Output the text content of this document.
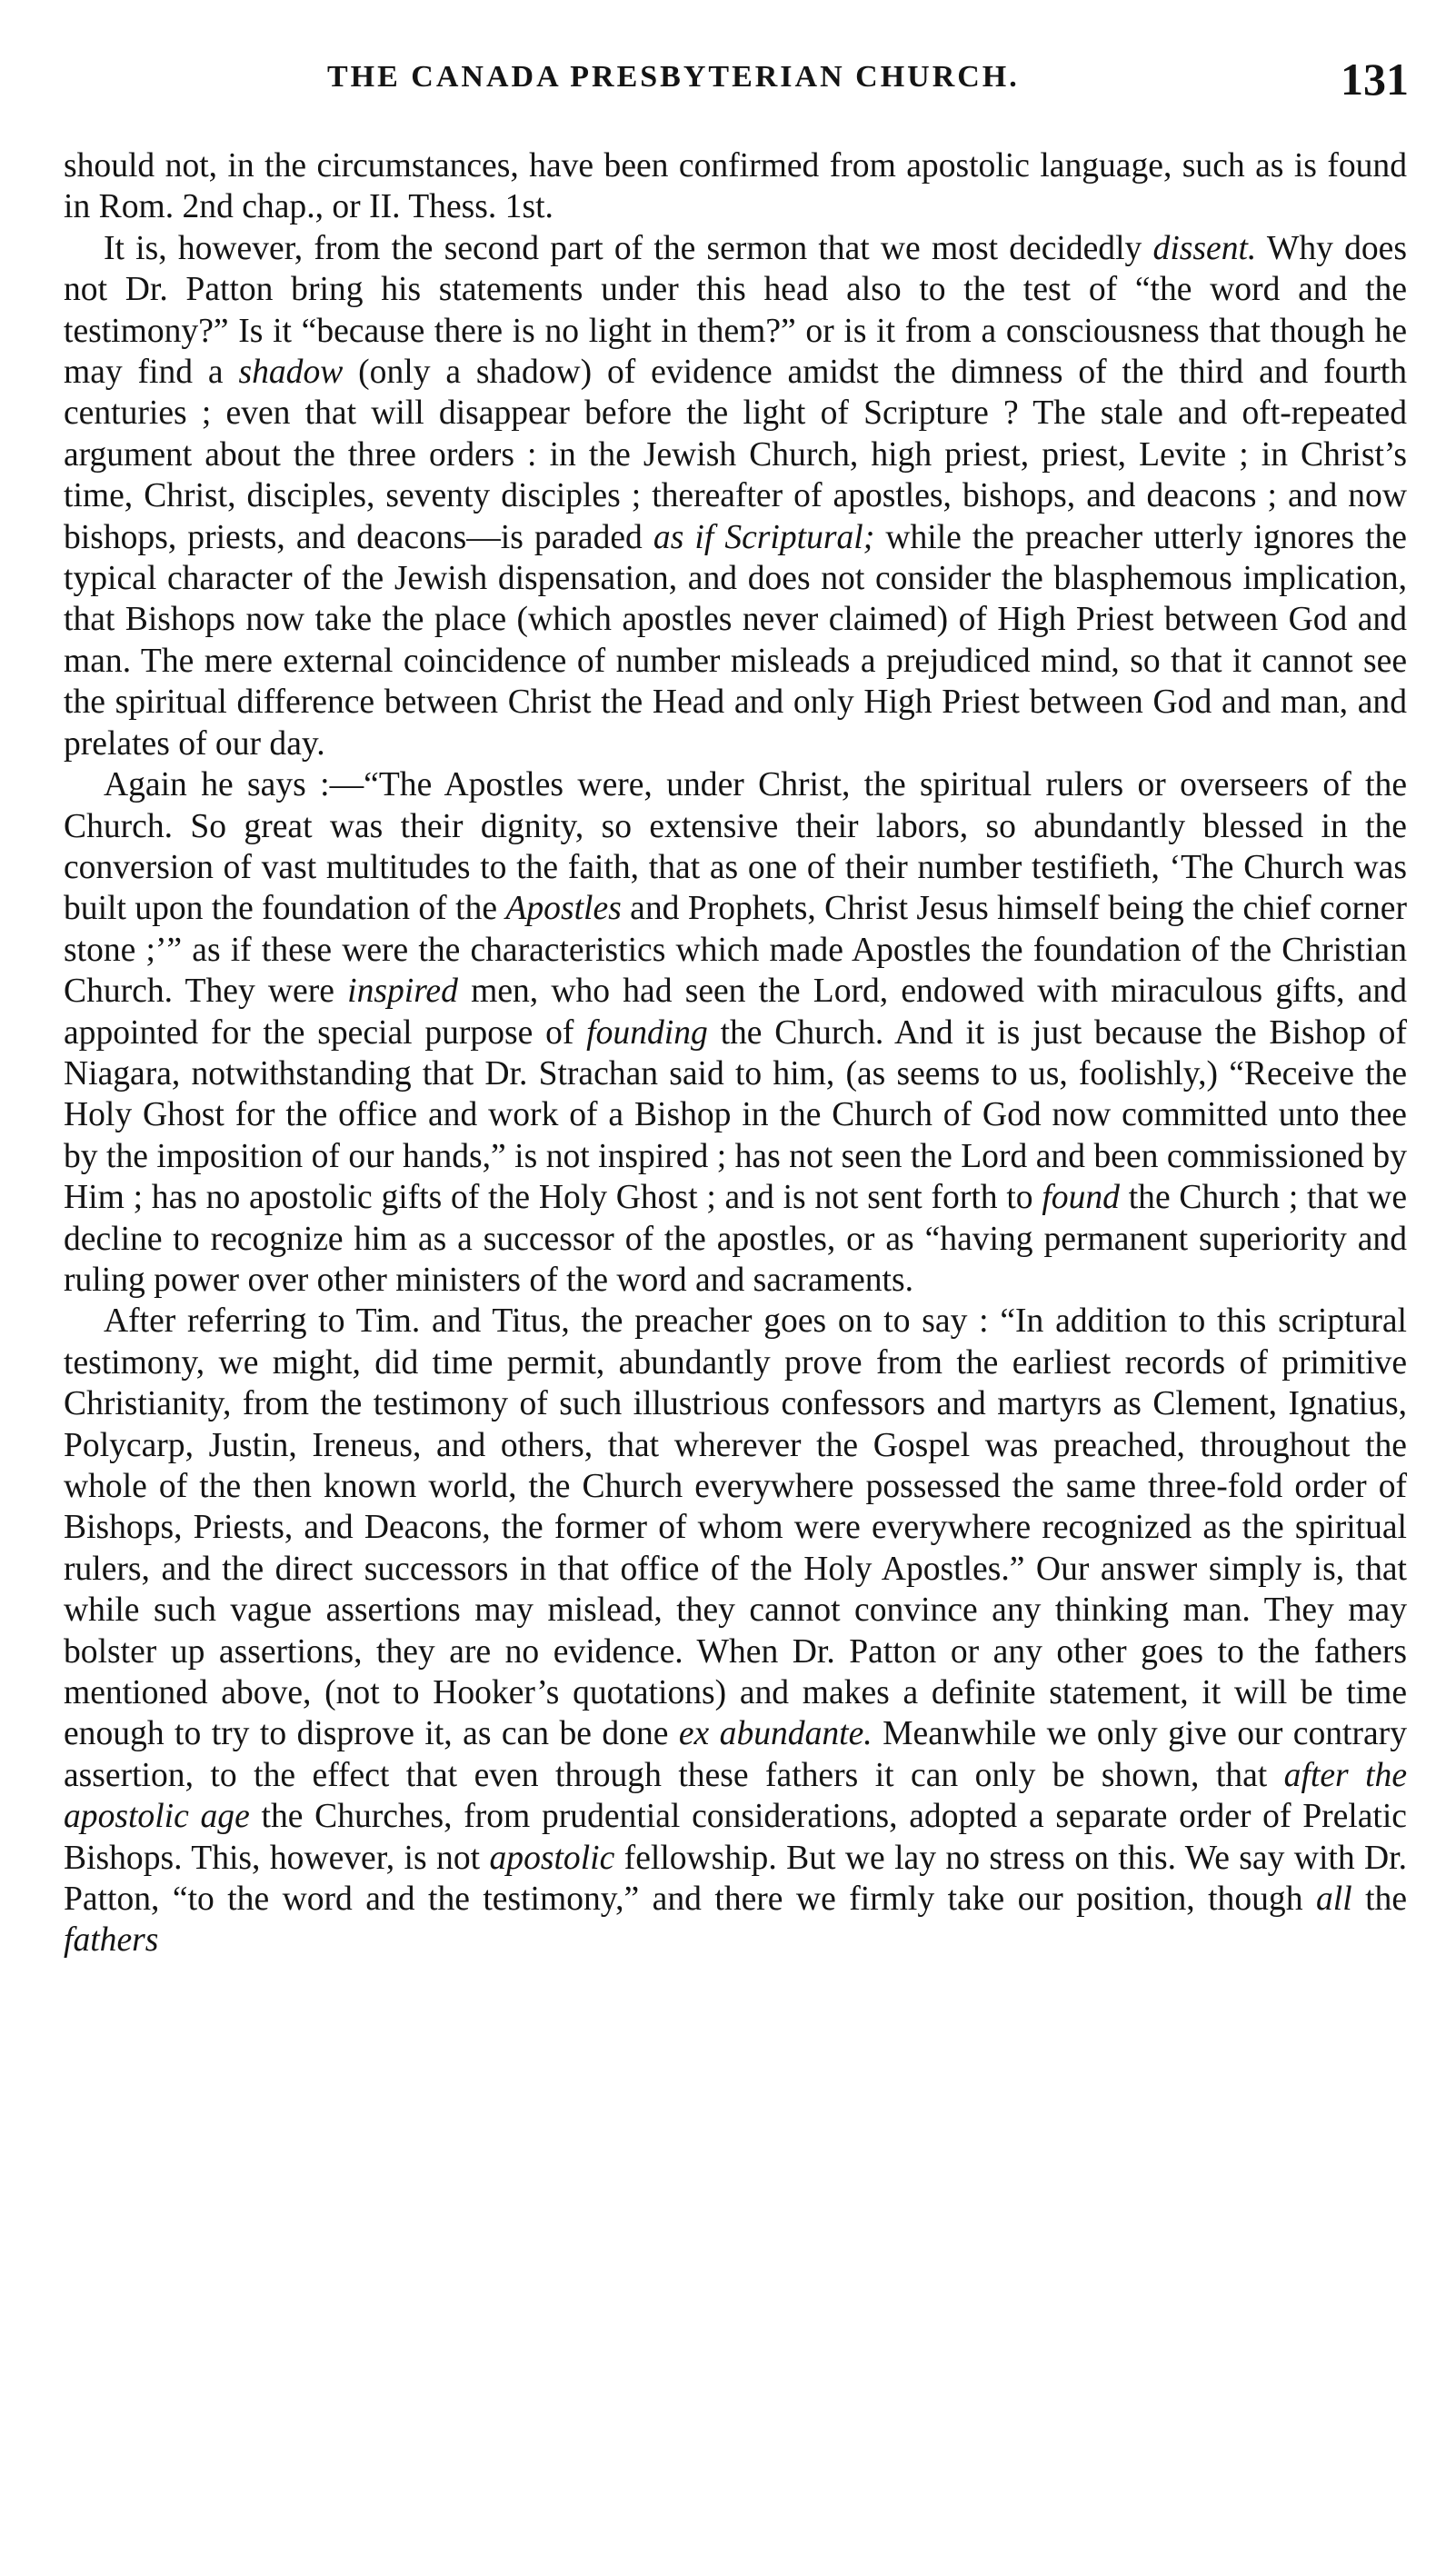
THE CANADA PRESBYTERIAN CHURCH.	131

should not, in the circumstances, have been confirmed from apostolic language, such as is found in Rom. 2nd chap., or II. Thess. 1st.

It is, however, from the second part of the sermon that we most decidedly dissent. Why does not Dr. Patton bring his statements under this head also to the test of “the word and the testimony?” Is it “because there is no light in them?” or is it from a consciousness that though he may find a shadow (only a shadow) of evidence amidst the dimness of the third and fourth centuries ; even that will disappear before the light of Scripture ? The stale and oft-repeated argument about the three orders : in the Jewish Church, high priest, priest, Levite ; in Christ’s time, Christ, disciples, seventy disciples ; thereafter of apostles, bishops, and deacons ; and now bishops, priests, and deacons—is paraded as if Scriptural; while the preacher utterly ignores the typical character of the Jewish dispensation, and does not consider the blasphemous implication, that Bishops now take the place (which apostles never claimed) of High Priest between God and man. The mere external coincidence of number misleads a prejudiced mind, so that it cannot see the spiritual difference between Christ the Head and only High Priest between God and man, and prelates of our day.

Again he says :—“The Apostles were, under Christ, the spiritual rulers or overseers of the Church. So great was their dignity, so extensive their labors, so abundantly blessed in the conversion of vast multitudes to the faith, that as one of their number testifieth, ‘The Church was built upon the foundation of the Apostles and Prophets, Christ Jesus himself being the chief corner stone ;’” as if these were the characteristics which made Apostles the foundation of the Christian Church. They were inspired men, who had seen the Lord, endowed with miraculous gifts, and appointed for the special purpose of founding the Church. And it is just because the Bishop of Niagara, notwithstanding that Dr. Strachan said to him, (as seems to us, foolishly,) “Receive the Holy Ghost for the office and work of a Bishop in the Church of God now committed unto thee by the imposition of our hands,” is not inspired ; has not seen the Lord and been commissioned by Him ; has no apostolic gifts of the Holy Ghost ; and is not sent forth to found the Church ; that we decline to recognize him as a successor of the apostles, or as “having permanent superiority and ruling power over other ministers of the word and sacraments.

After referring to Tim. and Titus, the preacher goes on to say : “In addition to this scriptural testimony, we might, did time permit, abundantly prove from the earliest records of primitive Christianity, from the testimony of such illustrious confessors and martyrs as Clement, Ignatius, Polycarp, Justin, Ireneus, and others, that wherever the Gospel was preached, throughout the whole of the then known world, the Church everywhere possessed the same three-fold order of Bishops, Priests, and Deacons, the former of whom were everywhere recognized as the spiritual rulers, and the direct successors in that office of the Holy Apostles.” Our answer simply is, that while such vague assertions may mislead, they cannot convince any thinking man. They may bolster up assertions, they are no evidence. When Dr. Patton or any other goes to the fathers mentioned above, (not to Hooker’s quotations) and makes a definite statement, it will be time enough to try to disprove it, as can be done ex abundante. Meanwhile we only give our contrary assertion, to the effect that even through these fathers it can only be shown, that after the apostolic age the Churches, from prudential considerations, adopted a separate order of Prelatic Bishops. This, however, is not apostolic fellowship. But we lay no stress on this. We say with Dr. Patton, “to the word and the testimony,” and there we firmly take our position, though all the fathers
